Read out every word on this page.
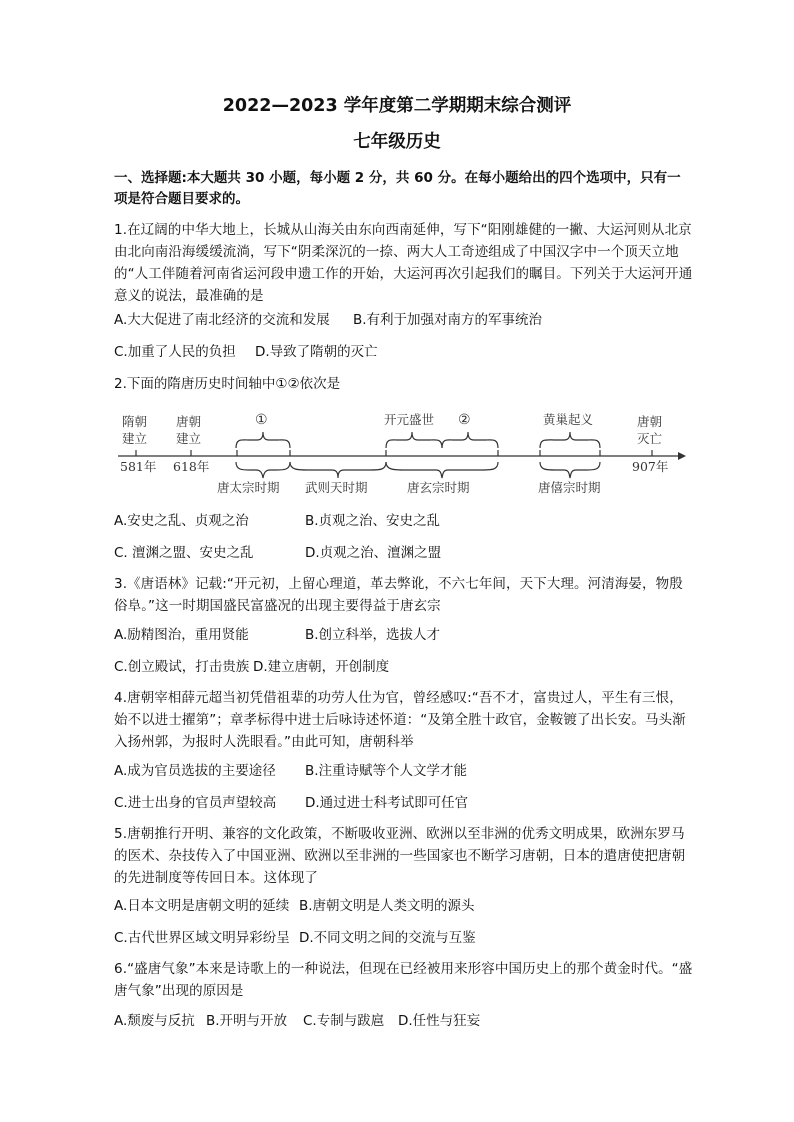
2022—2023 学年度第二学期期末综合测评
七年级历史
一、选择题:本大题共 30 小题，每小题 2 分，共 60 分。在每小题给出的四个选项中，只有一项是符合题目要求的。
1.在辽阔的中华大地上，长城从山海关由东向西南延伸，写下“阳刚雄健的一撇、大运河则从北京由北向南沿海缓缓流淌，写下“阴柔深沉的一捺、两大人工奇迹组成了中国汉字中一个顶天立地的“人工伴随着河南省运河段申遗工作的开始，大运河再次引起我们的瞩目。下列关于大运河开通意义的说法，最准确的是
A.大大促进了南北经济的交流和发展 B.有利于加强对南方的军事统治
C.加重了人民的负担 D.导致了隋朝的灭亡
2.下面的隋唐历史时间轴中①②依次是
隋朝
建立
唐朝
建立
①	开元盛世 ②	黄巢起义	唐朝
灭亡
581年 618年	907年
唐太宗时期 武则天时期	唐玄宗时期	唐僖宗时期
A.安史之乱、贞观之治	B.贞观之治、安史之乱
C. 澶渊之盟、安史之乱	D.贞观之治、澶渊之盟
3.《唐语林》记载:“开元初，上留心理道，革去弊讹，不六七年间，天下大理。河清海晏，物殷俗阜。”这一时期国盛民富盛况的出现主要得益于唐玄宗
A.励精图治，重用贤能	B.创立科举，选拔人才
C.创立殿试，打击贵族 D.建立唐朝，开创制度
4.唐朝宰相薛元超当初凭借祖辈的功劳人仕为官，曾经感叹:“吾不才，富贵过人，平生有三恨，始不以进士擢第”；章孝标得中进士后咏诗述怀道：“及第全胜十政官，金鞍镀了出长安。马头渐入扬州郭，为报时人洗眼看。”由此可知，唐朝科举
A.成为官员选拔的主要途径 B.注重诗赋等个人文学才能
C.进士出身的官员声望较高 D.通过进士科考试即可任官
5.唐朝推行开明、兼容的文化政策，不断吸收亚洲、欧洲以至非洲的优秀文明成果，欧洲东罗马的医术、杂技传入了中国亚洲、欧洲以至非洲的一些国家也不断学习唐朝，日本的遣唐使把唐朝的先进制度等传回日本。这体现了
A.日本文明是唐朝文明的延续 B.唐朝文明是人类文明的源头
C.古代世界区域文明异彩纷呈 D.不同文明之间的交流与互鉴
6.“盛唐气象”本来是诗歌上的一种说法，但现在已经被用来形容中国历史上的那个黄金时代。“盛唐气象”出现的原因是
A.颓废与反抗 B.开明与开放 C.专制与跋扈 D.任性与狂妄
